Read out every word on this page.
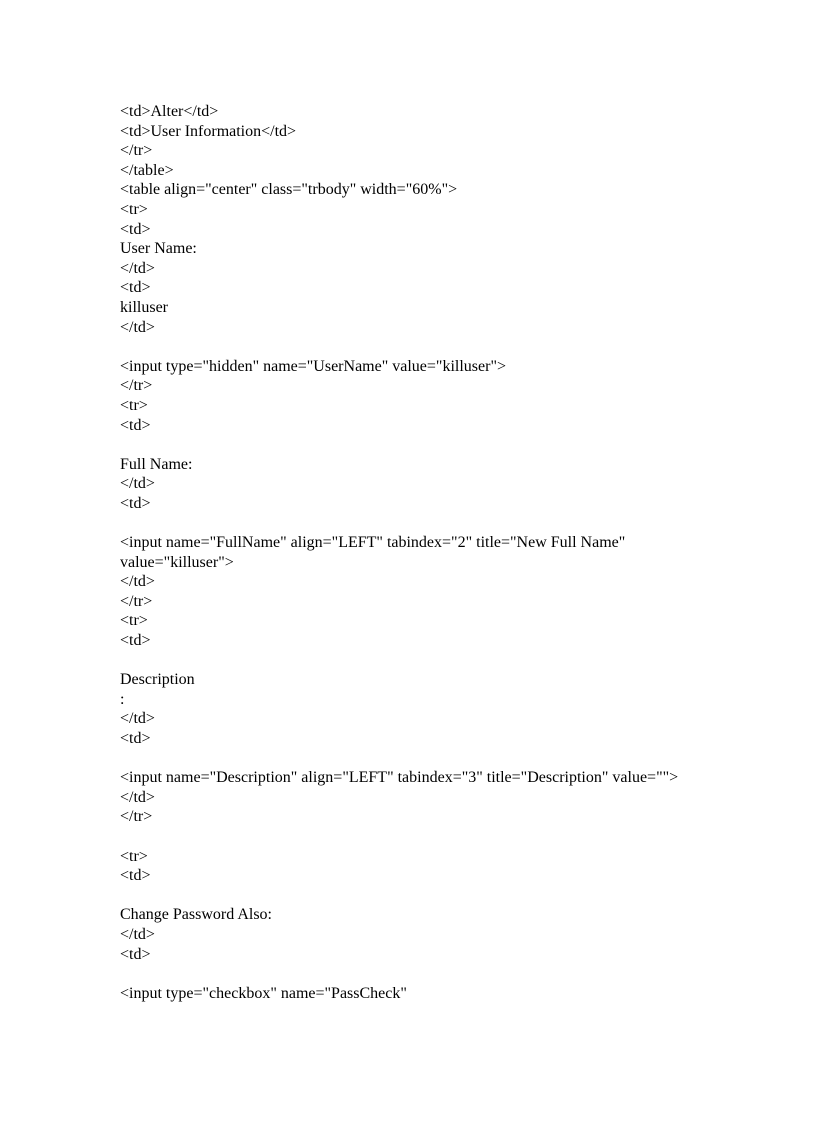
<td>Alter</td>
<td>User Information</td>
</tr>
</table>
<table align="center" class="trbody" width="60%">
<tr>
<td>
User Name:
</td>
<td>
killuser
</td>
<input type="hidden" name="UserName" value="killuser">
</tr>
<tr>
<td>
Full Name:
</td>
<td>
<input name="FullName" align="LEFT" tabindex="2" title="New Full Name"
value="killuser">
</td>
</tr>
<tr>
<td>
Description
:
</td>
<td>
<input name="Description" align="LEFT" tabindex="3" title="Description" value="">
</td>
</tr>
<tr>
<td>
Change Password Also:
</td>
<td>
<input type="checkbox" name="PassCheck"
